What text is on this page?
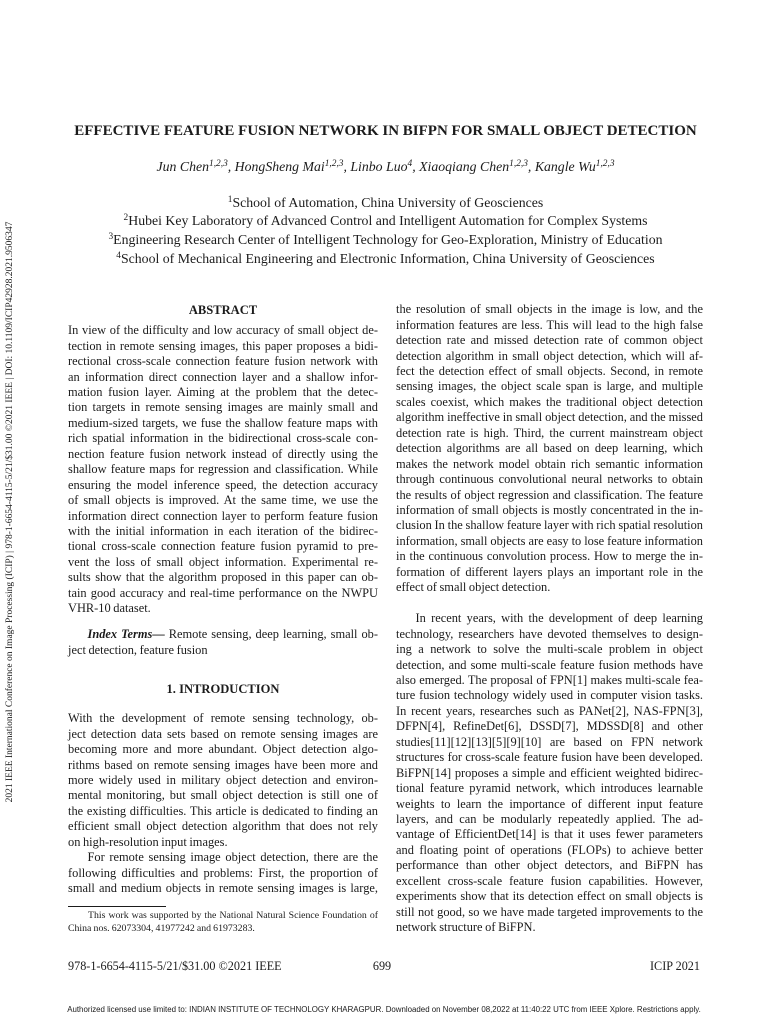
2021 IEEE International Conference on Image Processing (ICIP) | 978-1-6654-4115-5/21/$31.00 ©2021 IEEE | DOI: 10.1109/ICIP42928.2021.9506347
EFFECTIVE FEATURE FUSION NETWORK IN BIFPN FOR SMALL OBJECT DETECTION
Jun Chen$^{1,2,3}$, HongSheng Mai$^{1,2,3}$, Linbo Luo$^4$, Xiaoqiang Chen$^{1,2,3}$, Kangle Wu$^{1,2,3}$
$^1$School of Automation, China University of Geosciences
$^2$Hubei Key Laboratory of Advanced Control and Intelligent Automation for Complex Systems
$^3$Engineering Research Center of Intelligent Technology for Geo-Exploration, Ministry of Education
$^4$School of Mechanical Engineering and Electronic Information, China University of Geosciences
ABSTRACT
In view of the difficulty and low accuracy of small object de-
tection in remote sensing images, this paper proposes a bidi-
rectional cross-scale connection feature fusion network with
an information direct connection layer and a shallow infor-
mation fusion layer. Aiming at the problem that the detec-
tion targets in remote sensing images are mainly small and
medium-sized targets, we fuse the shallow feature maps with
rich spatial information in the bidirectional cross-scale con-
nection feature fusion network instead of directly using the
shallow feature maps for regression and classification. While
ensuring the model inference speed, the detection accuracy
of small objects is improved. At the same time, we use the
information direct connection layer to perform feature fusion
with the initial information in each iteration of the bidirec-
tional cross-scale connection feature fusion pyramid to pre-
vent the loss of small object information. Experimental re-
sults show that the algorithm proposed in this paper can ob-
tain good accuracy and real-time performance on the NWPU
VHR-10 dataset.
Index Terms— Remote sensing, deep learning, small ob-
ject detection, feature fusion
1. INTRODUCTION
With the development of remote sensing technology, ob-
ject detection data sets based on remote sensing images are
becoming more and more abundant. Object detection algo-
rithms based on remote sensing images have been more and
more widely used in military object detection and environ-
mental monitoring, but small object detection is still one of
the existing difficulties. This article is dedicated to finding an
efficient small object detection algorithm that does not rely
on high-resolution input images.
For remote sensing image object detection, there are the
following difficulties and problems: First, the proportion of
small and medium objects in remote sensing images is large,
This work was supported by the National Natural Science Foundation of
China nos. 62073304, 41977242 and 61973283.
the resolution of small objects in the image is low, and the
information features are less. This will lead to the high false
detection rate and missed detection rate of common object
detection algorithm in small object detection, which will af-
fect the detection effect of small objects. Second, in remote
sensing images, the object scale span is large, and multiple
scales coexist, which makes the traditional object detection
algorithm ineffective in small object detection, and the missed
detection rate is high. Third, the current mainstream object
detection algorithms are all based on deep learning, which
makes the network model obtain rich semantic information
through continuous convolutional neural networks to obtain
the results of object regression and classification. The feature
information of small objects is mostly concentrated in the in-
clusion In the shallow feature layer with rich spatial resolution
information, small objects are easy to lose feature information
in the continuous convolution process. How to merge the in-
formation of different layers plays an important role in the
effect of small object detection.
In recent years, with the development of deep learning
technology, researchers have devoted themselves to design-
ing a network to solve the multi-scale problem in object
detection, and some multi-scale feature fusion methods have
also emerged. The proposal of FPN[1] makes multi-scale fea-
ture fusion technology widely used in computer vision tasks.
In recent years, researches such as PANet[2], NAS-FPN[3],
DFPN[4], RefineDet[6], DSSD[7], MDSSD[8] and other
studies[11][12][13][5][9][10] are based on FPN network
structures for cross-scale feature fusion have been developed.
BiFPN[14] proposes a simple and efficient weighted bidirec-
tional feature pyramid network, which introduces learnable
weights to learn the importance of different input feature
layers, and can be modularly repeatedly applied. The ad-
vantage of EfficientDet[14] is that it uses fewer parameters
and floating point of operations (FLOPs) to achieve better
performance than other object detectors, and BiFPN has
excellent cross-scale feature fusion capabilities. However,
experiments show that its detection effect on small objects is
still not good, so we have made targeted improvements to the
network structure of BiFPN.
978-1-6654-4115-5/21/$31.00 ©2021 IEEE	699	ICIP 2021
Authorized licensed use limited to: INDIAN INSTITUTE OF TECHNOLOGY KHARAGPUR. Downloaded on November 08,2022 at 11:40:22 UTC from IEEE Xplore. Restrictions apply.
